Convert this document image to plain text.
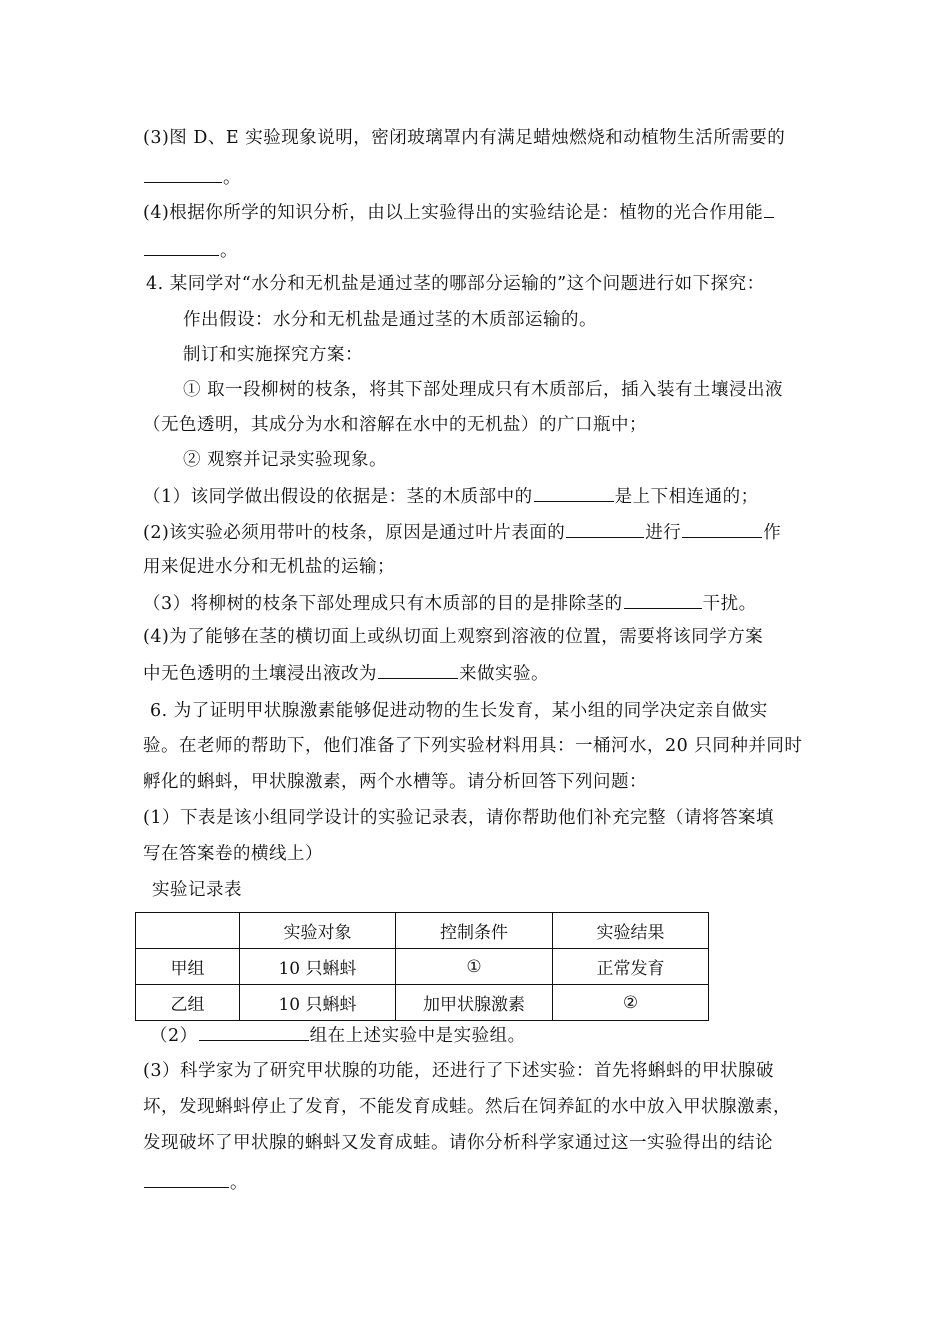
(3)图 D、E 实验现象说明，密闭玻璃罩内有满足蜡烛燃烧和动植物生活所需要的
。
(4)根据你所学的知识分析，由以上实验得出的实验结论是：植物的光合作用能
。
4. 某同学对“水分和无机盐是通过茎的哪部分运输的”这个问题进行如下探究：
作出假设：水分和无机盐是通过茎的木质部运输的。
制订和实施探究方案：
① 取一段柳树的枝条，将其下部处理成只有木质部后，插入装有土壤浸出液
（无色透明，其成分为水和溶解在水中的无机盐）的广口瓶中；
② 观察并记录实验现象。
（1）该同学做出假设的依据是：茎的木质部中的	是上下相连通的；
(2)该实验必须用带叶的枝条，原因是通过叶片表面的	进行	作
用来促进水分和无机盐的运输；
（3）将柳树的枝条下部处理成只有木质部的目的是排除茎的	干扰。
(4)为了能够在茎的横切面上或纵切面上观察到溶液的位置，需要将该同学方案
中无色透明的土壤浸出液改为	来做实验。
6. 为了证明甲状腺激素能够促进动物的生长发育，某小组的同学决定亲自做实
验。在老师的帮助下，他们准备了下列实验材料用具：一桶河水，20 只同种并同时
孵化的蝌蚪，甲状腺激素，两个水槽等。请分析回答下列问题：
(1）下表是该小组同学设计的实验记录表，请你帮助他们补充完整（请将答案填
写在答案卷的横线上）
实验记录表
	实验对象	控制条件	实验结果
甲组	10 只蝌蚪	①	正常发育
乙组	10 只蝌蚪	加甲状腺激素	②
（2）	组在上述实验中是实验组。
(3）科学家为了研究甲状腺的功能，还进行了下述实验：首先将蝌蚪的甲状腺破
坏，发现蝌蚪停止了发育，不能发育成蛙。然后在饲养缸的水中放入甲状腺激素，
发现破坏了甲状腺的蝌蚪又发育成蛙。请你分析科学家通过这一实验得出的结论
。
